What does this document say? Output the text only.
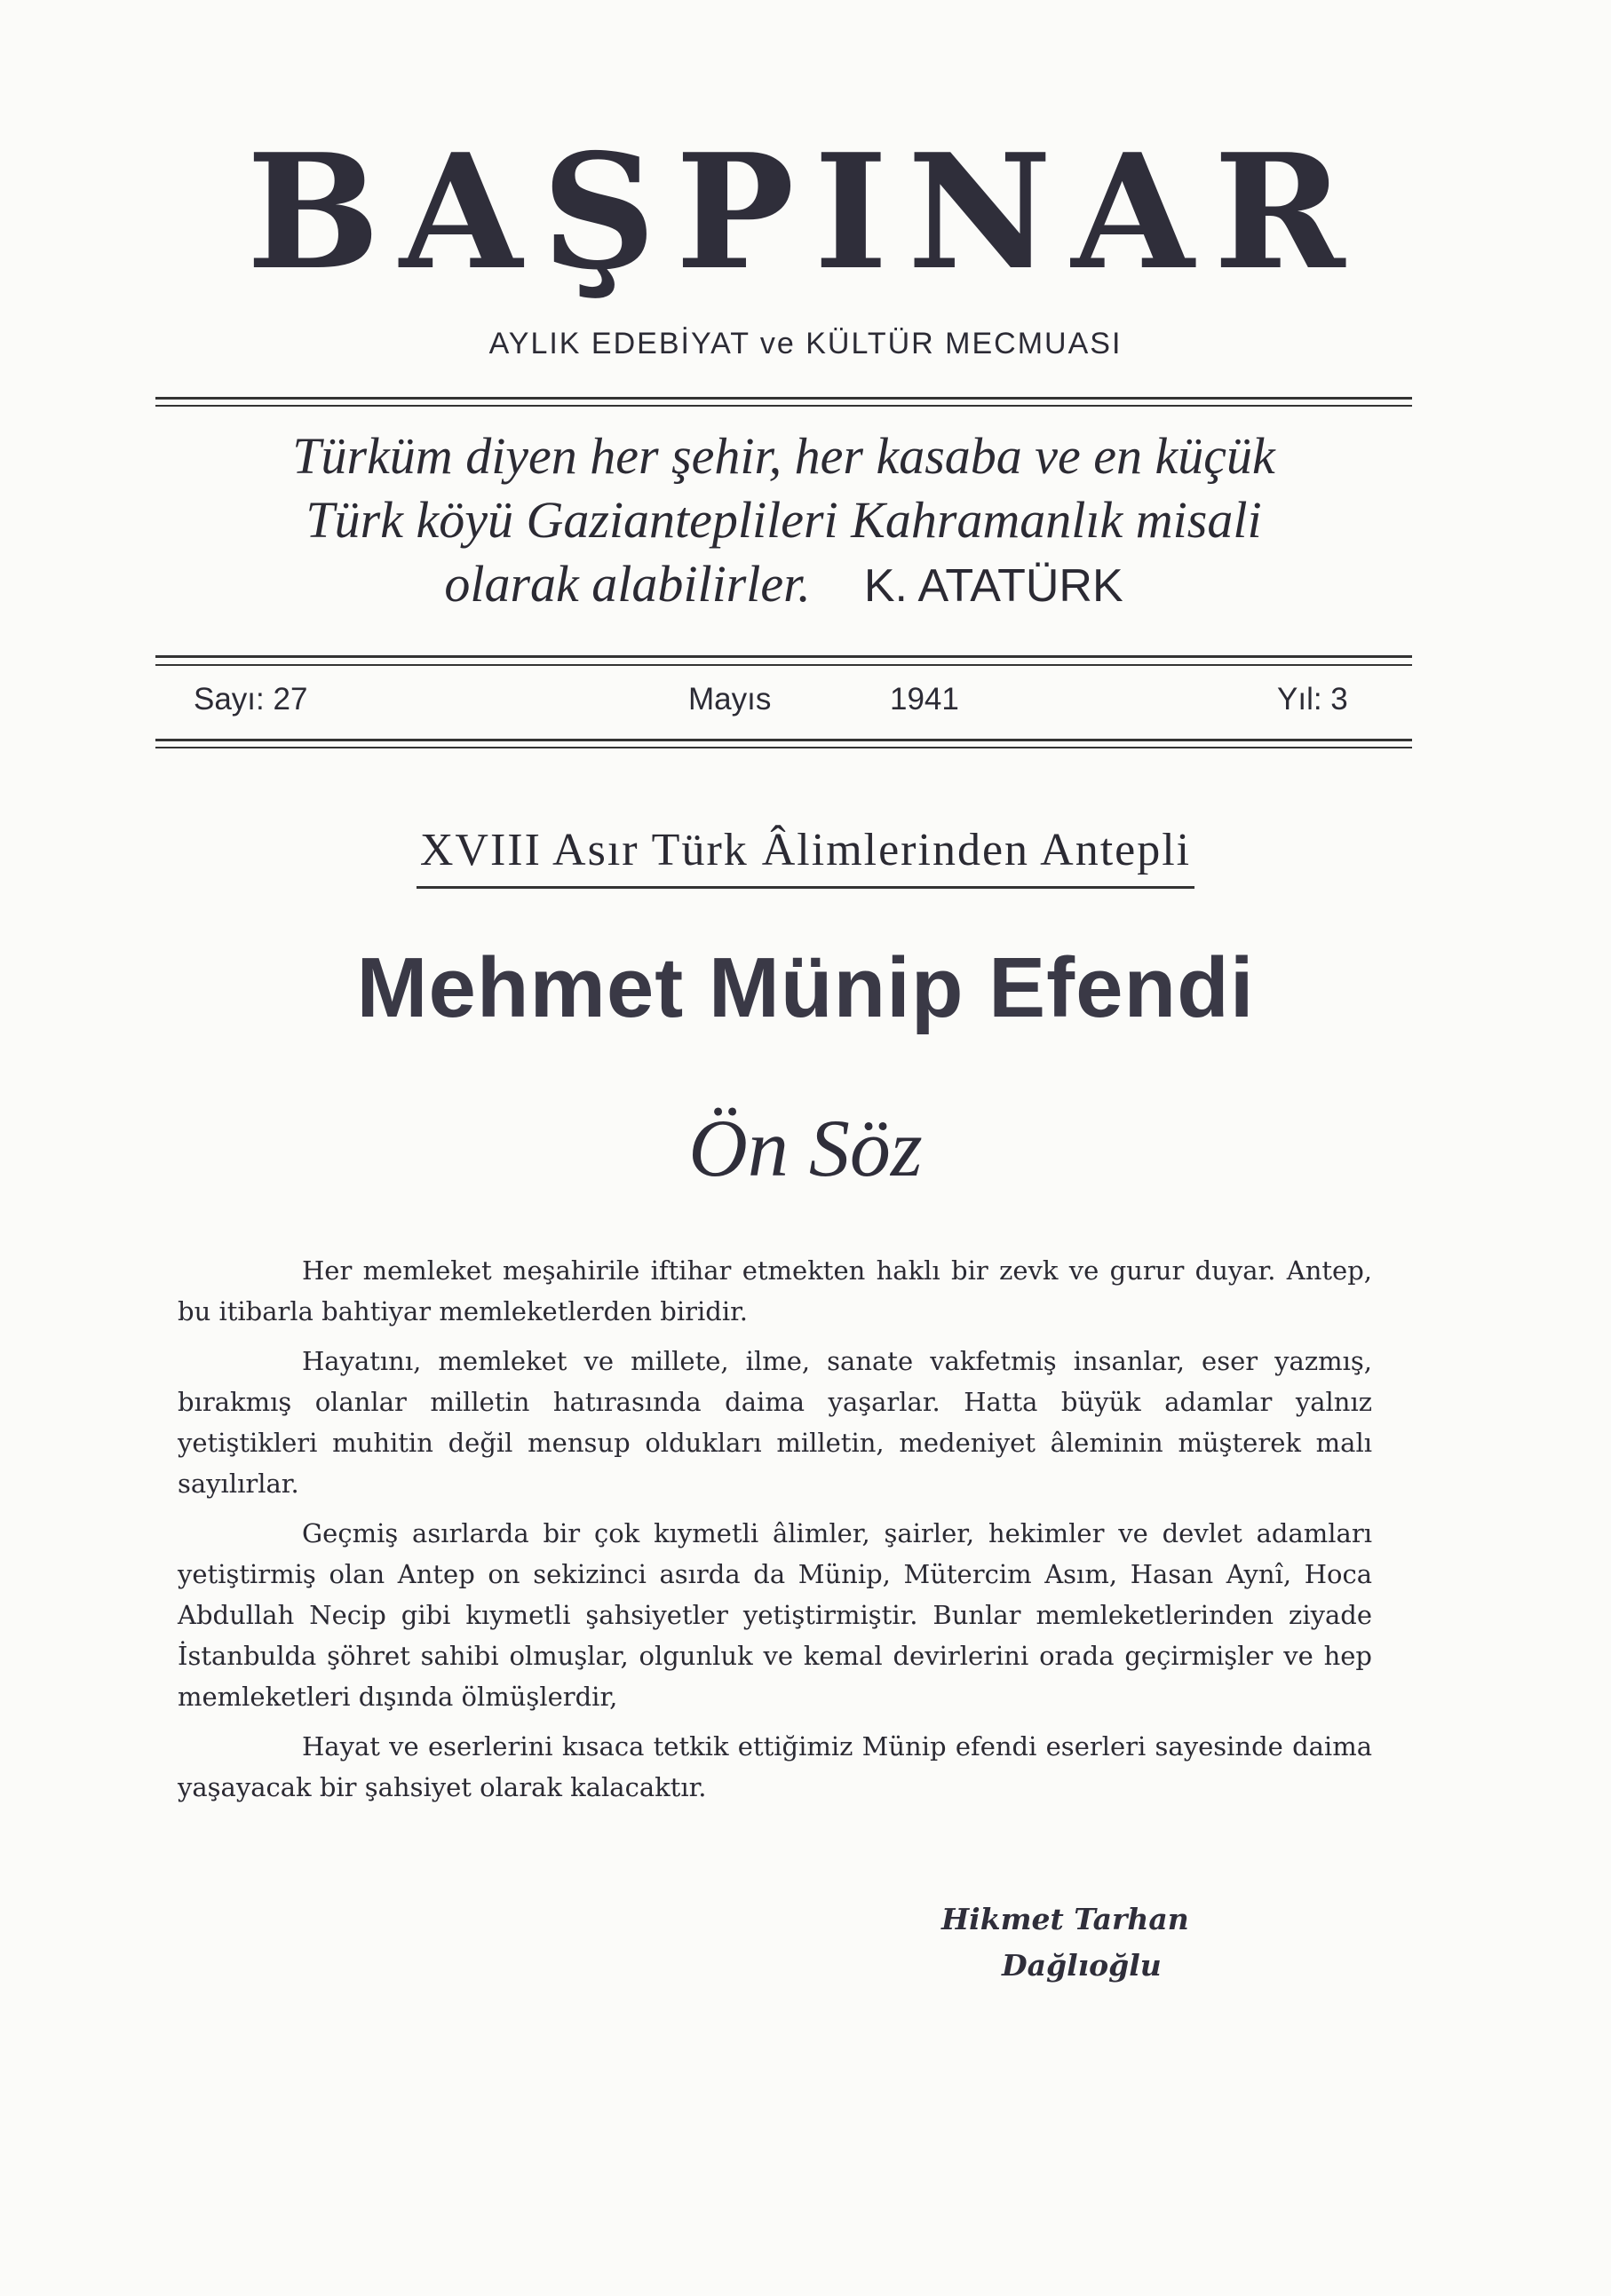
BAŞPINAR
AYLIK EDEBİYAT ve KÜLTÜR MECMUASI
Türküm diyen her şehir, her kasaba ve en küçük
Türk köyü Gazianteplileri Kahramanlık misali
olarak alabilirler. K. ATATÜRK
Sayı: 27	Mayıs	1941	Yıl: 3
XVIII Asır Türk Âlimlerinden Antepli
Mehmet Münip Efendi
Ön Söz

Her memleket meşahirile iftihar etmekten haklı bir zevk ve gurur duyar. Antep, bu itibarla bahtiyar memleketlerden biridir.

Hayatını, memleket ve millete, ilme, sanate vakfetmiş insanlar, eser yazmış, bırakmış olanlar milletin hatırasında daima yaşarlar. Hatta büyük adamlar yalnız yetiştikleri muhitin değil mensup oldukları milletin, medeniyet âleminin müşterek malı sayılırlar.

Geçmiş asırlarda bir çok kıymetli âlimler, şairler, hekimler ve devlet adamları yetiştirmiş olan Antep on sekizinci asırda da Münip, Mütercim Asım, Hasan Aynî, Hoca Abdullah Necip gibi kıymetli şahsiyetler yetiştirmiştir. Bunlar memleketlerinden ziyade İstanbulda şöhret sahibi olmuşlar, olgunluk ve kemal devirlerini orada geçirmişler ve hep memleketleri dışında ölmüşlerdir,

Hayat ve eserlerini kısaca tetkik ettiğimiz Münip efendi eserleri sayesinde daima yaşayacak bir şahsiyet olarak kalacaktır.

Hikmet Tarhan
Dağlıoğlu
